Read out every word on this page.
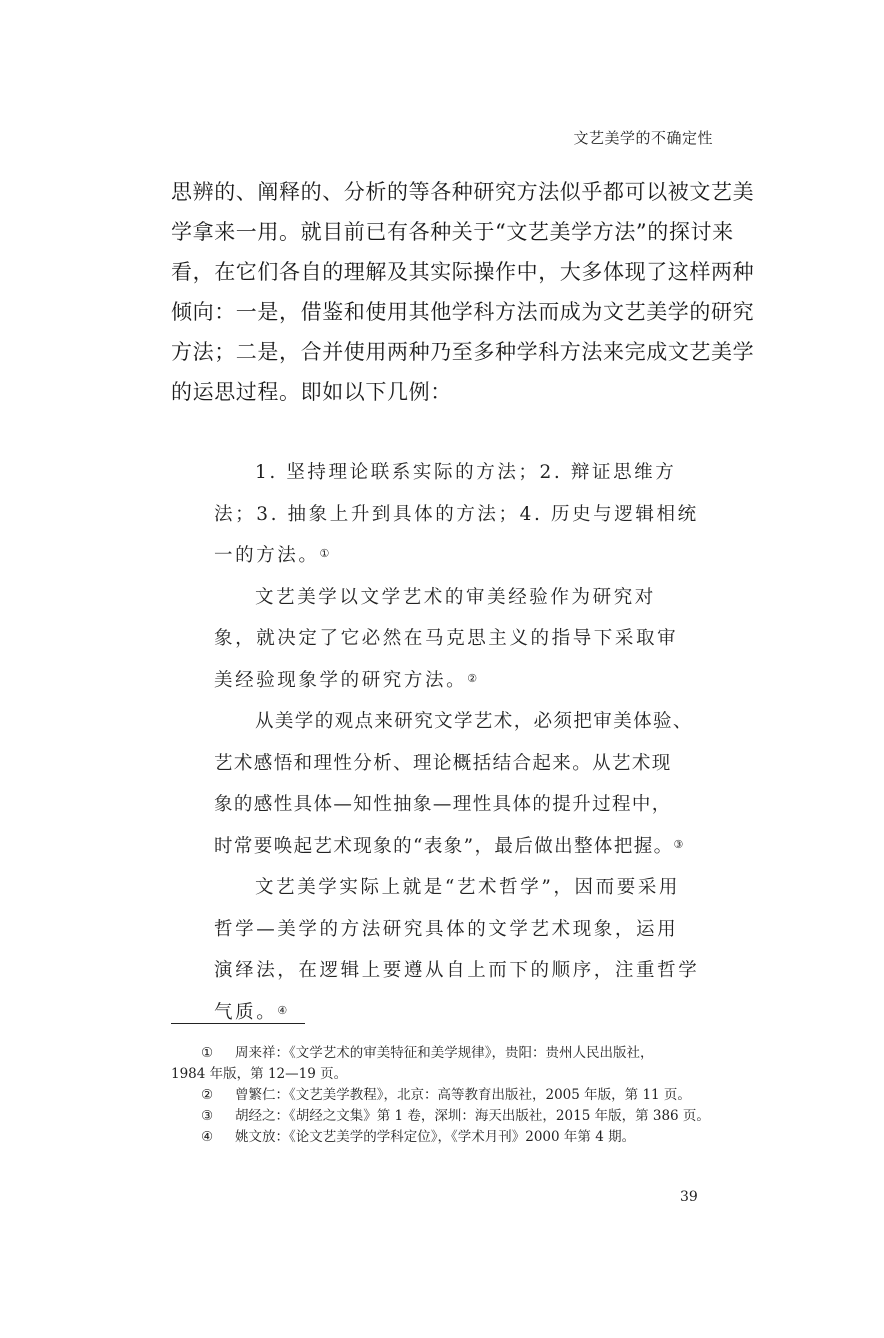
文艺美学的不确定性
思辨的、阐释的、分析的等各种研究方法似乎都可以被文艺美
学拿来一用。就目前已有各种关于“文艺美学方法”的探讨来
看，在它们各自的理解及其实际操作中，大多体现了这样两种
倾向：一是，借鉴和使用其他学科方法而成为文艺美学的研究
方法；二是，合并使用两种乃至多种学科方法来完成文艺美学
的运思过程。即如以下几例：
1. 坚持理论联系实际的方法；2. 辩证思维方
法；3. 抽象上升到具体的方法；4. 历史与逻辑相统
一的方法。①
文艺美学以文学艺术的审美经验作为研究对
象，就决定了它必然在马克思主义的指导下采取审
美经验现象学的研究方法。②
从美学的观点来研究文学艺术，必须把审美体验、
艺术感悟和理性分析、理论概括结合起来。从艺术现
象的感性具体—知性抽象—理性具体的提升过程中，
时常要唤起艺术现象的“表象”，最后做出整体把握。③
文艺美学实际上就是“艺术哲学”，因而要采用
哲学—美学的方法研究具体的文学艺术现象，运用
演绎法，在逻辑上要遵从自上而下的顺序，注重哲学
气质。④
① 周来祥：《文学艺术的审美特征和美学规律》，贵阳：贵州人民出版社，
1984 年版，第 12—19 页。
② 曾繁仁：《文艺美学教程》，北京：高等教育出版社，2005 年版，第 11 页。
③ 胡经之：《胡经之文集》第 1 卷，深圳：海天出版社，2015 年版，第 386 页。
④ 姚文放：《论文艺美学的学科定位》，《学术月刊》2000 年第 4 期。
39
